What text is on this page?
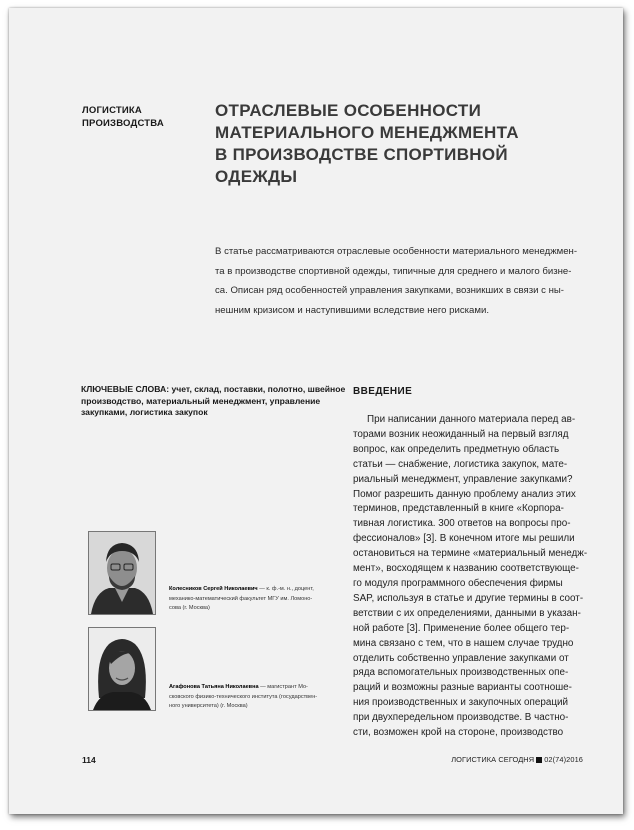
ЛОГИСТИКА
ПРОИЗВОДСТВА
ОТРАСЛЕВЫЕ ОСОБЕННОСТИ
МАТЕРИАЛЬНОГО МЕНЕДЖМЕНТА
В ПРОИЗВОДСТВЕ СПОРТИВНОЙ
ОДЕЖДЫ
В статье рассматриваются отраслевые особенности материального менеджмен-
та в производстве спортивной одежды, типичные для среднего и малого бизне-
са. Описан ряд особенностей управления закупками, возникших в связи с ны-
нешним кризисом и наступившими вследствие него рисками.
КЛЮЧЕВЫЕ СЛОВА: учет, склад, поставки, полотно, швейное
производство, материальный менеджмент, управление
закупками, логистика закупок
Колесников Сергей Николаевич — к. ф.-м. н., доцент,
механико-математический факультет МГУ им. Ломоно-
сова (г. Москва)
Агафонова Татьяна Николаевна — магистрант Мо-
сковского физико-технического института (государствен-
ного университета) (г. Москва)
ВВЕДЕНИЕ
При написании данного материала перед ав-
торами возник неожиданный на первый взгляд
вопрос, как определить предметную область
статьи — снабжение, логистика закупок, мате-
риальный менеджмент, управление закупками?
Помог разрешить данную проблему анализ этих
терминов, представленный в книге «Корпора-
тивная логистика. 300 ответов на вопросы про-
фессионалов» [3]. В конечном итоге мы решили
остановиться на термине «материальный менедж-
мент», восходящем к названию соответствующе-
го модуля программного обеспечения фирмы
SAP, используя в статье и другие термины в соот-
ветствии с их определениями, данными в указан-
ной работе [3]. Применение более общего тер-
мина связано с тем, что в нашем случае трудно
отделить собственно управление закупками от
ряда вспомогательных производственных опе-
раций и возможны разные варианты соотноше-
ния производственных и закупочных операций
при двухпередельном производстве. В частно-
сти, возможен крой на стороне, производство
114	ЛОГИСТИКА СЕГОДНЯ 02(74)2016
